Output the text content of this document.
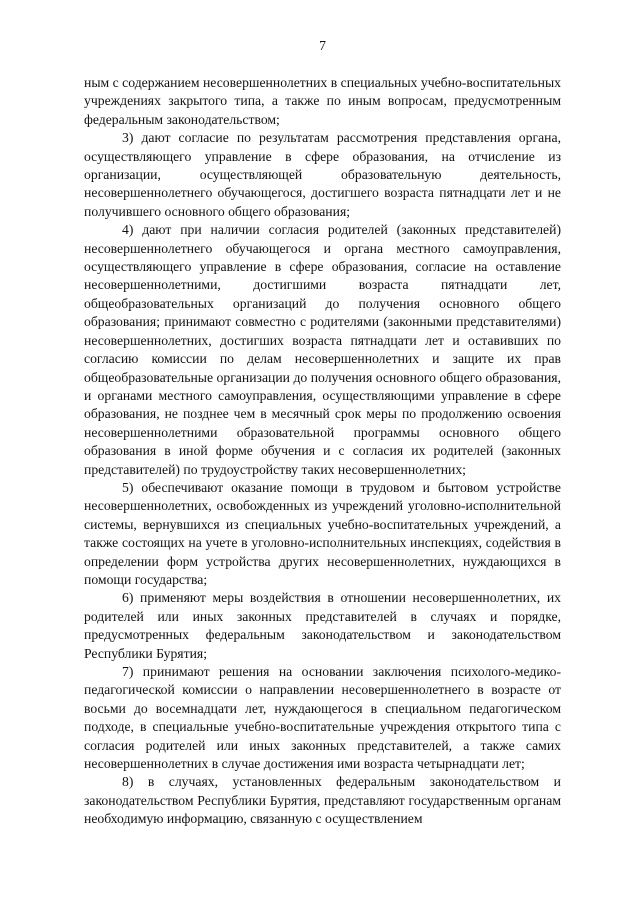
7

ным с содержанием несовершеннолетних в специальных учебно-воспитательных учреждениях закрытого типа, а также по иным вопросам, предусмотренным федеральным законодательством;

3) дают согласие по результатам рассмотрения представления органа, осуществляющего управление в сфере образования, на отчисление из организации, осуществляющей образовательную деятельность, несовершеннолетнего обучающегося, достигшего возраста пятнадцати лет и не получившего основного общего образования;

4) дают при наличии согласия родителей (законных представителей) несовершеннолетнего обучающегося и органа местного самоуправления, осуществляющего управление в сфере образования, согласие на оставление несовершеннолетними, достигшими возраста пятнадцати лет, общеобразовательных организаций до получения основного общего образования; принимают совместно с родителями (законными представителями) несовершеннолетних, достигших возраста пятнадцати лет и оставивших по согласию комиссии по делам несовершеннолетних и защите их прав общеобразовательные организации до получения основного общего образования, и органами местного самоуправления, осуществляющими управление в сфере образования, не позднее чем в месячный срок меры по продолжению освоения несовершеннолетними образовательной программы основного общего образования в иной форме обучения и с согласия их родителей (законных представителей) по трудоустройству таких несовершеннолетних;

5) обеспечивают оказание помощи в трудовом и бытовом устройстве несовершеннолетних, освобожденных из учреждений уголовно-исполнительной системы, вернувшихся из специальных учебно-воспитательных учреждений, а также состоящих на учете в уголовно-исполнительных инспекциях, содействия в определении форм устройства других несовершеннолетних, нуждающихся в помощи государства;

6) применяют меры воздействия в отношении несовершеннолетних, их родителей или иных законных представителей в случаях и порядке, предусмотренных федеральным законодательством и законодательством Республики Бурятия;

7) принимают решения на основании заключения психолого-медико-педагогической комиссии о направлении несовершеннолетнего в возрасте от восьми до восемнадцати лет, нуждающегося в специальном педагогическом подходе, в специальные учебно-воспитательные учреждения открытого типа с согласия родителей или иных законных представителей, а также самих несовершеннолетних в случае достижения ими возраста четырнадцати лет;

8) в случаях, установленных федеральным законодательством и законодательством Республики Бурятия, представляют государственным органам необходимую информацию, связанную с осуществлением
